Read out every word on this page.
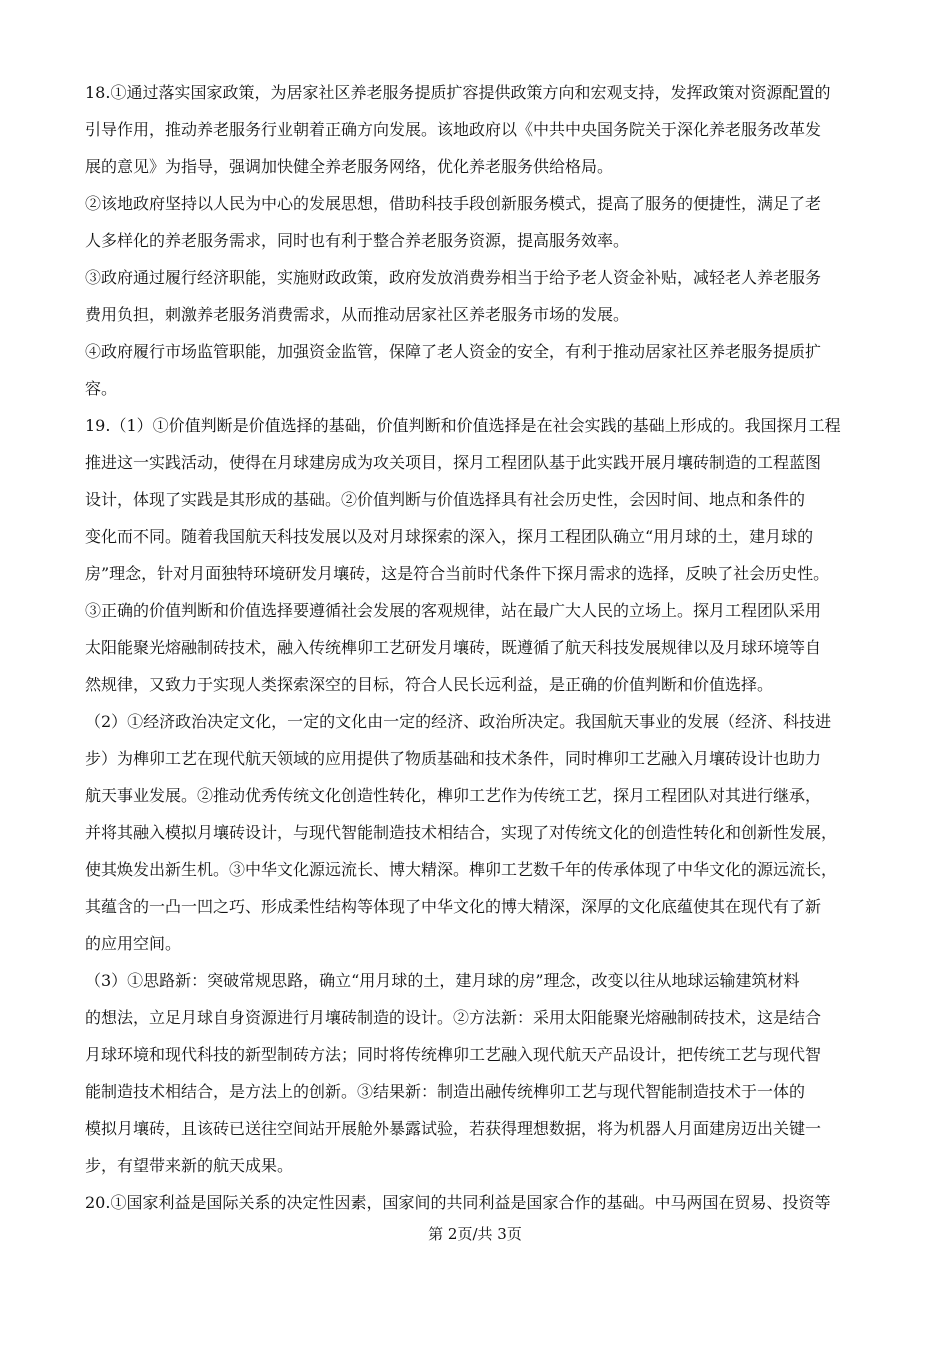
18.①通过落实国家政策，为居家社区养老服务提质扩容提供政策方向和宏观支持，发挥政策对资源配置的
引导作用，推动养老服务行业朝着正确方向发展。该地政府以《中共中央国务院关于深化养老服务改革发
展的意见》为指导，强调加快健全养老服务网络，优化养老服务供给格局。
②该地政府坚持以人民为中心的发展思想，借助科技手段创新服务模式，提高了服务的便捷性，满足了老
人多样化的养老服务需求，同时也有利于整合养老服务资源，提高服务效率。
③政府通过履行经济职能，实施财政政策，政府发放消费券相当于给予老人资金补贴，减轻老人养老服务
费用负担，刺激养老服务消费需求，从而推动居家社区养老服务市场的发展。
④政府履行市场监管职能，加强资金监管，保障了老人资金的安全，有利于推动居家社区养老服务提质扩
容。
19.（1）①价值判断是价值选择的基础，价值判断和价值选择是在社会实践的基础上形成的。我国探月工程
推进这一实践活动，使得在月球建房成为攻关项目，探月工程团队基于此实践开展月壤砖制造的工程蓝图
设计，体现了实践是其形成的基础。②价值判断与价值选择具有社会历史性，会因时间、地点和条件的
变化而不同。随着我国航天科技发展以及对月球探索的深入，探月工程团队确立“用月球的土，建月球的
房”理念，针对月面独特环境研发月壤砖，这是符合当前时代条件下探月需求的选择，反映了社会历史性。
③正确的价值判断和价值选择要遵循社会发展的客观规律，站在最广大人民的立场上。探月工程团队采用
太阳能聚光熔融制砖技术，融入传统榫卯工艺研发月壤砖，既遵循了航天科技发展规律以及月球环境等自
然规律，又致力于实现人类探索深空的目标，符合人民长远利益，是正确的价值判断和价值选择。
（2）①经济政治决定文化，一定的文化由一定的经济、政治所决定。我国航天事业的发展（经济、科技进
步）为榫卯工艺在现代航天领域的应用提供了物质基础和技术条件，同时榫卯工艺融入月壤砖设计也助力
航天事业发展。②推动优秀传统文化创造性转化，榫卯工艺作为传统工艺，探月工程团队对其进行继承，
并将其融入模拟月壤砖设计，与现代智能制造技术相结合，实现了对传统文化的创造性转化和创新性发展，
使其焕发出新生机。③中华文化源远流长、博大精深。榫卯工艺数千年的传承体现了中华文化的源远流长，
其蕴含的一凸一凹之巧、形成柔性结构等体现了中华文化的博大精深，深厚的文化底蕴使其在现代有了新
的应用空间。
（3）①思路新：突破常规思路，确立“用月球的土，建月球的房”理念，改变以往从地球运输建筑材料
的想法，立足月球自身资源进行月壤砖制造的设计。②方法新：采用太阳能聚光熔融制砖技术，这是结合
月球环境和现代科技的新型制砖方法；同时将传统榫卯工艺融入现代航天产品设计，把传统工艺与现代智
能制造技术相结合，是方法上的创新。③结果新：制造出融传统榫卯工艺与现代智能制造技术于一体的
模拟月壤砖，且该砖已送往空间站开展舱外暴露试验，若获得理想数据，将为机器人月面建房迈出关键一
步，有望带来新的航天成果。
20.①国家利益是国际关系的决定性因素，国家间的共同利益是国家合作的基础。中马两国在贸易、投资等
第 2页/共 3页
